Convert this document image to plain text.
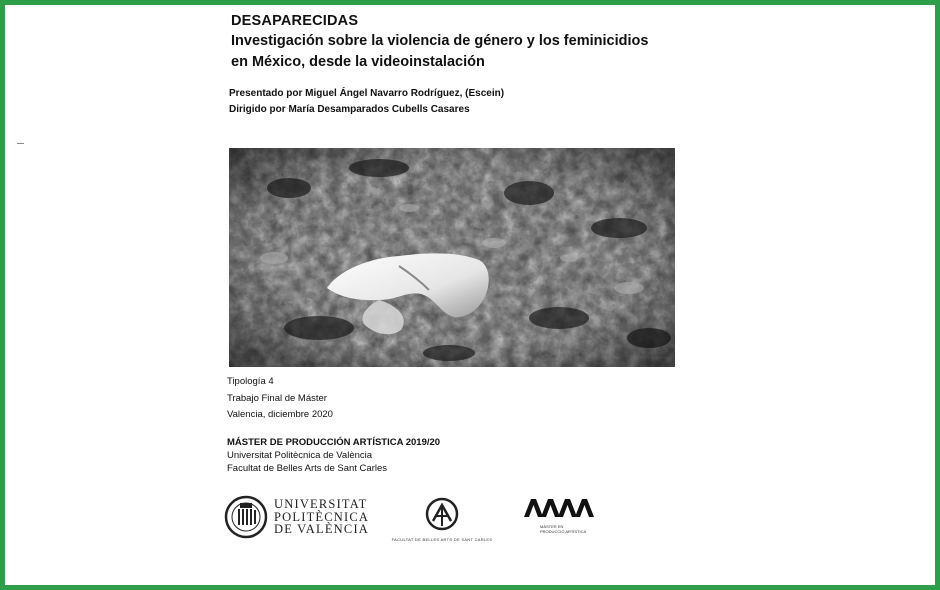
DESAPARECIDAS

Investigación sobre la violencia de género y los feminicidios
en México, desde la videoinstalación

Presentado por Miguel Ángel Navarro Rodríguez, (Escein)
Dirigido por María Desamparados Cubells Casares
Tipología 4
Trabajo Final de Máster
Valencia, diciembre 2020
MÁSTER DE PRODUCCIÓN ARTÍSTICA 2019/20
Universitat Politècnica de València
Facultat de Belles Arts de Sant Carles
UNIVERSITAT
POLITÈCNICA
DE VALÈNCIA
FACULTAT DE BELLES ARTS DE SANT CARLES
MÀSTER EN
PRODUCCIÓ ARTÍSTICA
